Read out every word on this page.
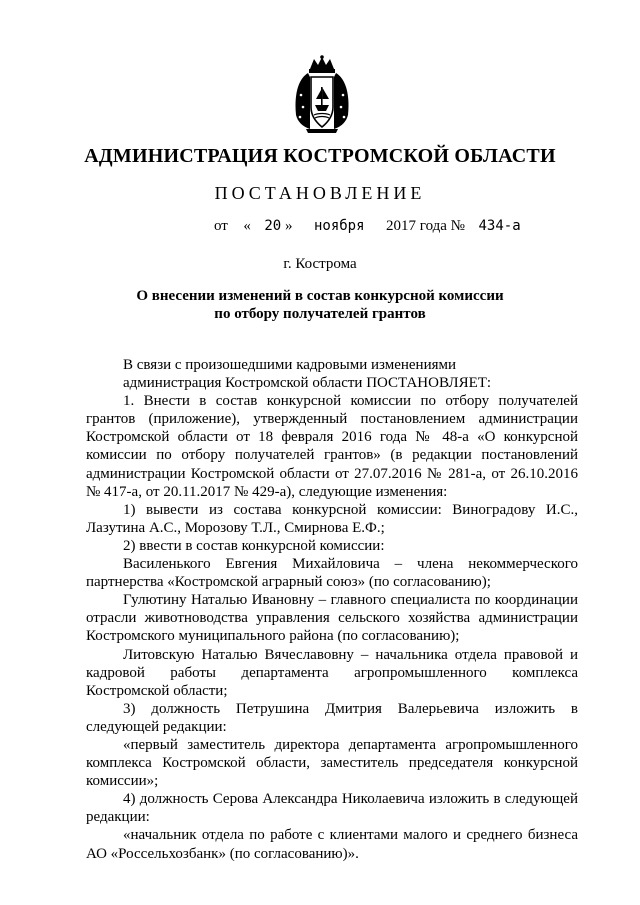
АДМИНИСТРАЦИЯ КОСТРОМСКОЙ ОБЛАСТИ
ПОСТАНОВЛЕНИЕ
от « 20 » ноября 2017 года № 434-а
г. Кострома
О внесении изменений в состав конкурсной комиссии
по отбору получателей грантов

В связи с произошедшими кадровыми изменениями

администрация Костромской области ПОСТАНОВЛЯЕТ:

1. Внести в состав конкурсной комиссии по отбору получателей грантов (приложение), утвержденный постановлением администрации Костромской области от 18 февраля 2016 года № 48-а «О конкурсной комиссии по отбору получателей грантов» (в редакции постановлений администрации Костромской области от 27.07.2016 № 281-а, от 26.10.2016 № 417-а, от 20.11.2017 № 429-а), следующие изменения:

1) вывести из состава конкурсной комиссии: Виноградову И.С., Лазутина А.С., Морозову Т.Л., Смирнова Е.Ф.;

2) ввести в состав конкурсной комиссии:

Василенького Евгения Михайловича – члена некоммерческого партнерства «Костромской аграрный союз» (по согласованию);

Гулютину Наталью Ивановну – главного специалиста по координации отрасли животноводства управления сельского хозяйства администрации Костромского муниципального района (по согласованию);

Литовскую Наталью Вячеславовну – начальника отдела правовой и кадровой работы департамента агропромышленного комплекса Костромской области;

3) должность Петрушина Дмитрия Валерьевича изложить в следующей редакции:

«первый заместитель директора департамента агропромышленного комплекса Костромской области, заместитель председателя конкурсной комиссии»;

4) должность Серова Александра Николаевича изложить в следующей редакции:

«начальник отдела по работе с клиентами малого и среднего бизнеса АО «Россельхозбанк» (по согласованию)».
